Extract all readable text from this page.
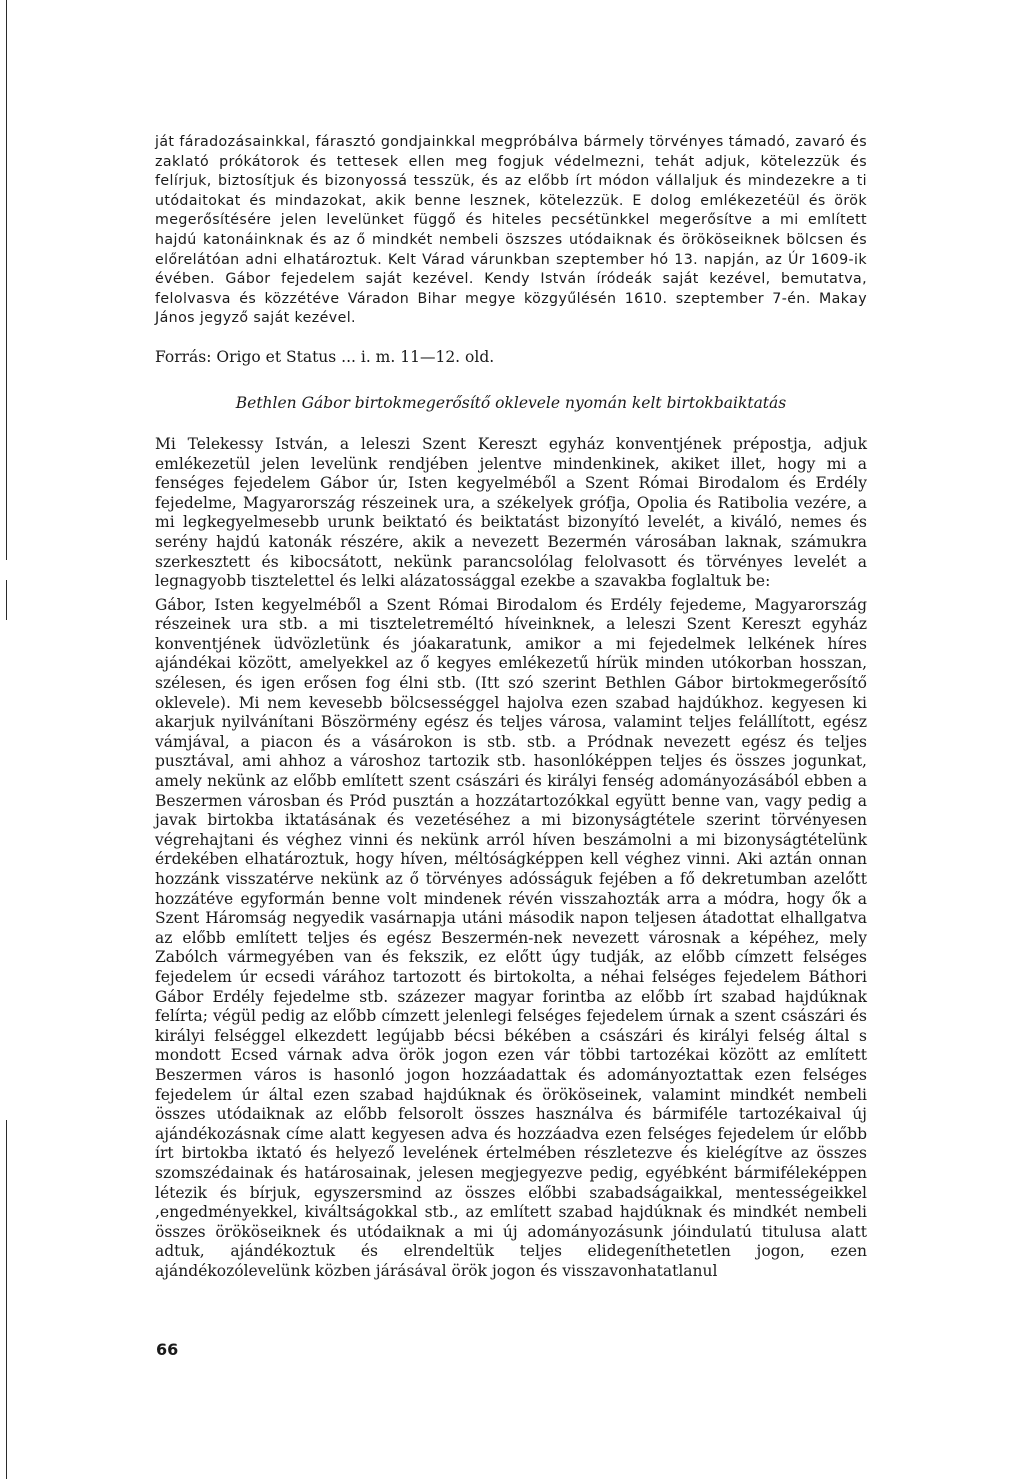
ját fáradozásainkkal, fárasztó gondjainkkal megpróbálva bármely törvényes támadó, zavaró és zaklató prókátorok és tettesek ellen meg fogjuk védelmezni, tehát adjuk, kötelezzük és felírjuk, biztosítjuk és bizonyossá tesszük, és az előbb írt módon vállaljuk és mindezekre a ti utódaitokat és mindazokat, akik benne lesznek, kötelezzük. E dolog emlékezetéül és örök megerősítésére jelen levelünket függő és hiteles pecsétünkkel megerősítve a mi említett hajdú katonáinknak és az ő mindkét nembeli öszszes utódaiknak és örököseiknek bölcsen és előrelátóan adni elhatároztuk. Kelt Várad várunkban szeptember hó 13. napján, az Úr 1609-ik évében. Gábor fejedelem saját kezével. Kendy István íródeák saját kezével, bemutatva, felolvasva és közzétéve Váradon Bihar megye közgyűlésén 1610. szeptember 7-én. Makay János jegyző saját kezével.

Forrás: Origo et Status ... i. m. 11—12. old.

Bethlen Gábor birtokmegerősítő oklevele nyomán kelt birtokbaiktatás

Mi Telekessy István, a leleszi Szent Kereszt egyház konventjének prépostja, adjuk emlékezetül jelen levelünk rendjében jelentve mindenkinek, akiket illet, hogy mi a fenséges fejedelem Gábor úr, Isten kegyelméből a Szent Római Birodalom és Erdély fejedelme, Magyarország részeinek ura, a székelyek grófja, Opolia és Ratibolia vezére, a mi legkegyelmesebb urunk beiktató és beiktatást bizonyító levelét, a kiváló, nemes és serény hajdú katonák részére, akik a nevezett Bezermén városában laknak, számukra szerkesztett és kibocsátott, nekünk parancsolólag felolvasott és törvényes levelét a legnagyobb tisztelettel és lelki alázatossággal ezekbe a szavakba foglaltuk be:

Gábor, Isten kegyelméből a Szent Római Birodalom és Erdély fejedeme, Magyarország részeinek ura stb. a mi tiszteletreméltó híveinknek, a leleszi Szent Kereszt egyház konventjének üdvözletünk és jóakaratunk, amikor a mi fejedelmek lelkének híres ajándékai között, amelyekkel az ő kegyes emlékezetű hírük minden utókorban hosszan, szélesen, és igen erősen fog élni stb. (Itt szó szerint Bethlen Gábor birtokmegerősítő oklevele). Mi nem kevesebb bölcsességgel hajolva ezen szabad hajdúkhoz. kegyesen ki akarjuk nyilvánítani Böszörmény egész és teljes városa, valamint teljes felállított, egész vámjával, a piacon és a vásárokon is stb. stb. a Pródnak nevezett egész és teljes pusztával, ami ahhoz a városhoz tartozik stb. hasonlóképpen teljes és összes jogunkat, amely nekünk az előbb említett szent császári és királyi fenség adományozásából ebben a Beszermen városban és Pród pusztán a hozzátartozókkal együtt benne van, vagy pedig a javak birtokba iktatásának és vezetéséhez a mi bizonyságtétele szerint törvényesen végrehajtani és véghez vinni és nekünk arról híven beszámolni a mi bizonyságtételünk érdekében elhatároztuk, hogy híven, méltóságképpen kell véghez vinni. Aki aztán onnan hozzánk visszatérve nekünk az ő törvényes adósságuk fejében a fő dekretumban azelőtt hozzátéve egyformán benne volt mindenek révén visszahozták arra a módra, hogy ők a Szent Háromság negyedik vasárnapja utáni második napon teljesen átadottat elhallgatva az előbb említett teljes és egész Beszermén-nek nevezett városnak a képéhez, mely Zabólch vármegyében van és fekszik, ez előtt úgy tudják, az előbb címzett felséges fejedelem úr ecsedi várához tartozott és birtokolta, a néhai felséges fejedelem Báthori Gábor Erdély fejedelme stb. százezer magyar forintba az előbb írt szabad hajdúknak felírta; végül pedig az előbb címzett jelenlegi felséges fejedelem úrnak a szent császári és királyi felséggel elkezdett legújabb bécsi békében a császári és királyi felség által s mondott Ecsed várnak adva örök jogon ezen vár többi tartozékai között az említett Beszermen város is hasonló jogon hozzáadattak és adományoztattak ezen felséges fejedelem úr által ezen szabad hajdúknak és örököseinek, valamint mindkét nembeli összes utódaiknak az előbb felsorolt összes használva és bármiféle tartozékaival új ajándékozásnak címe alatt kegyesen adva és hozzáadva ezen felséges fejedelem úr előbb írt birtokba iktató és helyező levelének értelmében részletezve és kielégítve az összes szomszédainak és határosainak, jelesen megjegyezve pedig, egyébként bármiféleképpen létezik és bírjuk, egyszersmind az összes előbbi szabadságaikkal, mentességeikkel ,engedményekkel, kiváltságokkal stb., az említett szabad hajdúknak és mindkét nembeli összes örököseiknek és utódaiknak a mi új adományozásunk jóindulatú titulusa alatt adtuk, ajándékoztuk és elrendeltük teljes elidegeníthetetlen jogon, ezen ajándékozólevelünk közben járásával örök jogon és visszavonhatatlanul

66
